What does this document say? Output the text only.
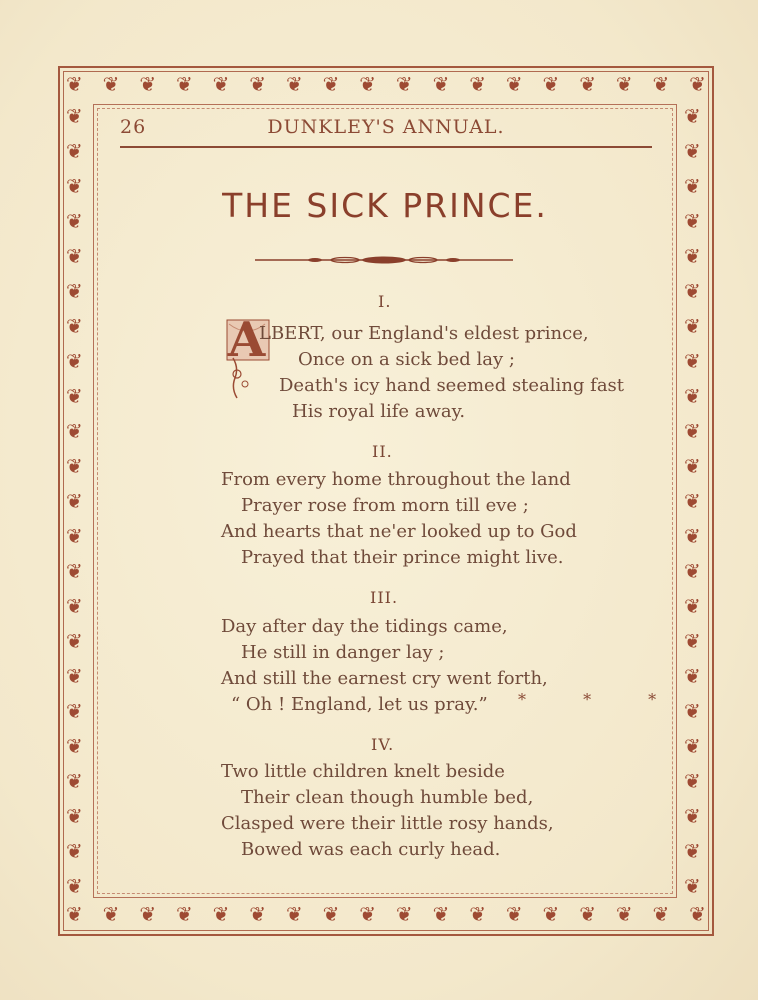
❦ ❦ ❦ ❦ ❦ ❦ ❦ ❦ ❦ ❦ ❦ ❦ ❦ ❦ ❦ ❦ ❦ ❦
❦ ❦ ❦ ❦ ❦ ❦ ❦ ❦ ❦ ❦ ❦ ❦ ❦ ❦ ❦ ❦ ❦ ❦
❦
❦
❦
❦
❦
❦
❦
❦
❦
❦
❦
❦
❦
❦
❦
❦
❦
❦
❦
❦
❦
❦
❦
❦
❦
❦
❦
❦
❦
❦
❦
❦
❦
❦
❦
❦
❦
❦
❦
❦
❦
❦
❦
❦
❦
❦
26	DUNKLEY'S ANNUAL.
THE SICK PRINCE.
I.
A
LBERT, our England's eldest prince,
Once on a sick bed lay ;
Death's icy hand seemed stealing fast
His royal life away.
II.
From every home throughout the land
Prayer rose from morn till eve ;
And hearts that ne'er looked up to God
Prayed that their prince might live.
III.
Day after day the tidings came,
He still in danger lay ;
And still the earnest cry went forth,
“ Oh ! England, let us pray.” * * *
IV.
Two little children knelt beside
Their clean though humble bed,
Clasped were their little rosy hands,
Bowed was each curly head.
